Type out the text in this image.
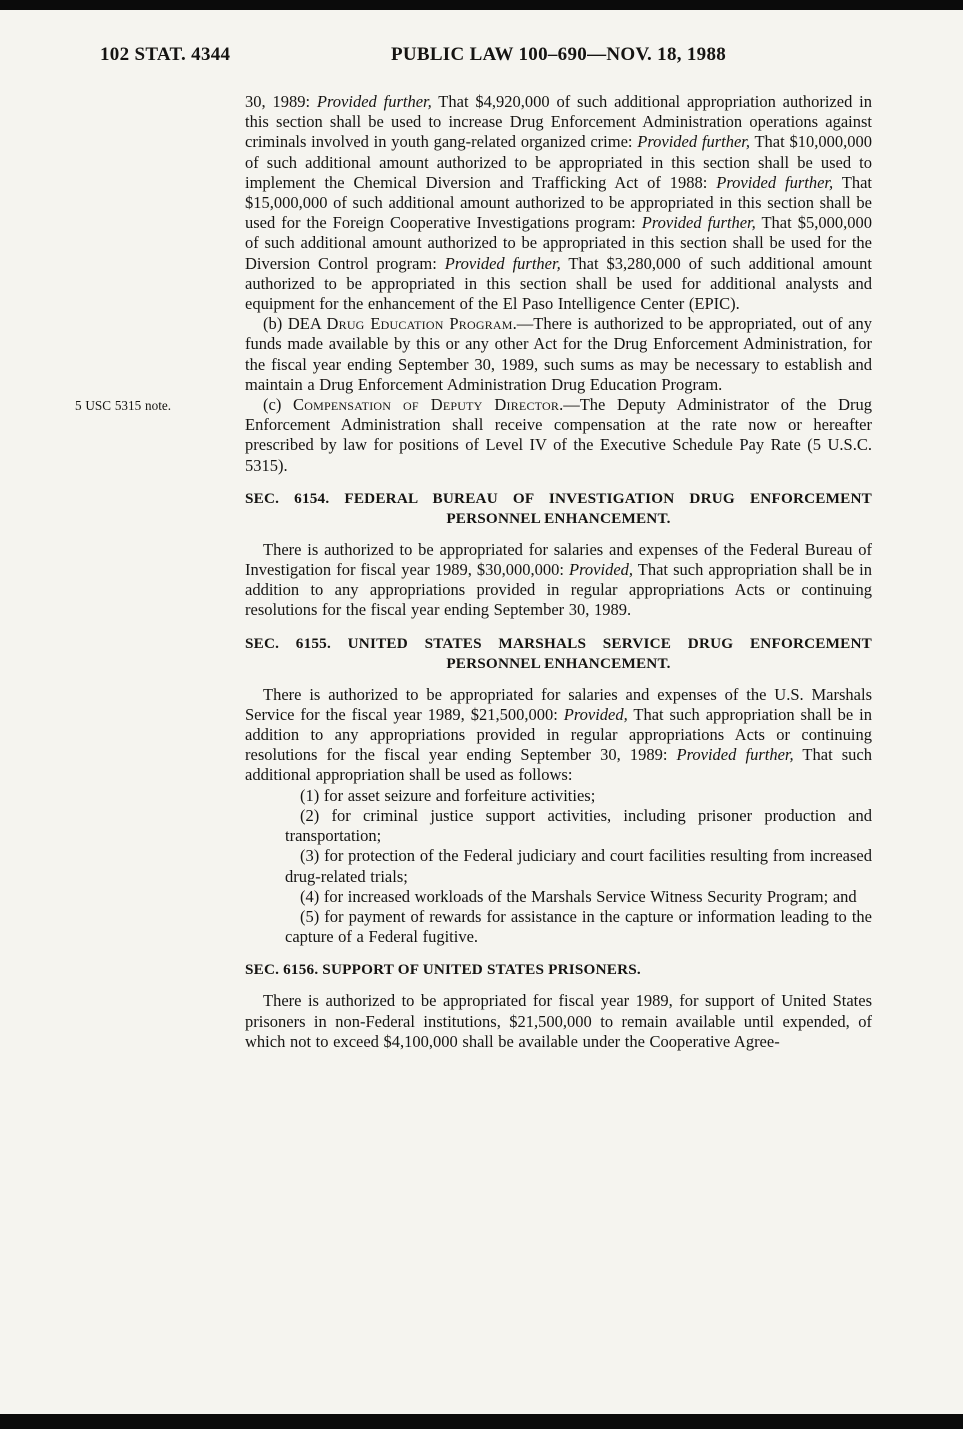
102 STAT. 4344	PUBLIC LAW 100–690—NOV. 18, 1988

30, 1989: Provided further, That $4,920,000 of such additional appropriation authorized in this section shall be used to increase Drug Enforcement Administration operations against criminals involved in youth gang-related organized crime: Provided further, That $10,000,000 of such additional amount authorized to be appropriated in this section shall be used to implement the Chemical Diversion and Trafficking Act of 1988: Provided further, That $15,000,000 of such additional amount authorized to be appropriated in this section shall be used for the Foreign Cooperative Investigations program: Provided further, That $5,000,000 of such additional amount authorized to be appropriated in this section shall be used for the Diversion Control program: Provided further, That $3,280,000 of such additional amount authorized to be appropriated in this section shall be used for additional analysts and equipment for the enhancement of the El Paso Intelligence Center (EPIC).

(b) DEA Drug Education Program.—There is authorized to be appropriated, out of any funds made available by this or any other Act for the Drug Enforcement Administration, for the fiscal year ending September 30, 1989, such sums as may be necessary to establish and maintain a Drug Enforcement Administration Drug Education Program.

(c) Compensation of Deputy Director.—The Deputy Administrator of the Drug Enforcement Administration shall receive compensation at the rate now or hereafter prescribed by law for positions of Level IV of the Executive Schedule Pay Rate (5 U.S.C. 5315).
5 USC 5315 note.

SEC. 6154. FEDERAL BUREAU OF INVESTIGATION DRUG ENFORCEMENT
PERSONNEL ENHANCEMENT.

There is authorized to be appropriated for salaries and expenses of the Federal Bureau of Investigation for fiscal year 1989, $30,000,000: Provided, That such appropriation shall be in addition to any appropriations provided in regular appropriations Acts or continuing resolutions for the fiscal year ending September 30, 1989.

SEC. 6155. UNITED STATES MARSHALS SERVICE DRUG ENFORCEMENT
PERSONNEL ENHANCEMENT.

There is authorized to be appropriated for salaries and expenses of the U.S. Marshals Service for the fiscal year 1989, $21,500,000: Provided, That such appropriation shall be in addition to any appropriations provided in regular appropriations Acts or continuing resolutions for the fiscal year ending September 30, 1989: Provided further, That such additional appropriation shall be used as follows:

(1) for asset seizure and forfeiture activities;

(2) for criminal justice support activities, including prisoner production and transportation;

(3) for protection of the Federal judiciary and court facilities resulting from increased drug-related trials;

(4) for increased workloads of the Marshals Service Witness Security Program; and

(5) for payment of rewards for assistance in the capture or information leading to the capture of a Federal fugitive.

SEC. 6156. SUPPORT OF UNITED STATES PRISONERS.

There is authorized to be appropriated for fiscal year 1989, for support of United States prisoners in non-Federal institutions, $21,500,000 to remain available until expended, of which not to exceed $4,100,000 shall be available under the Cooperative Agree-
